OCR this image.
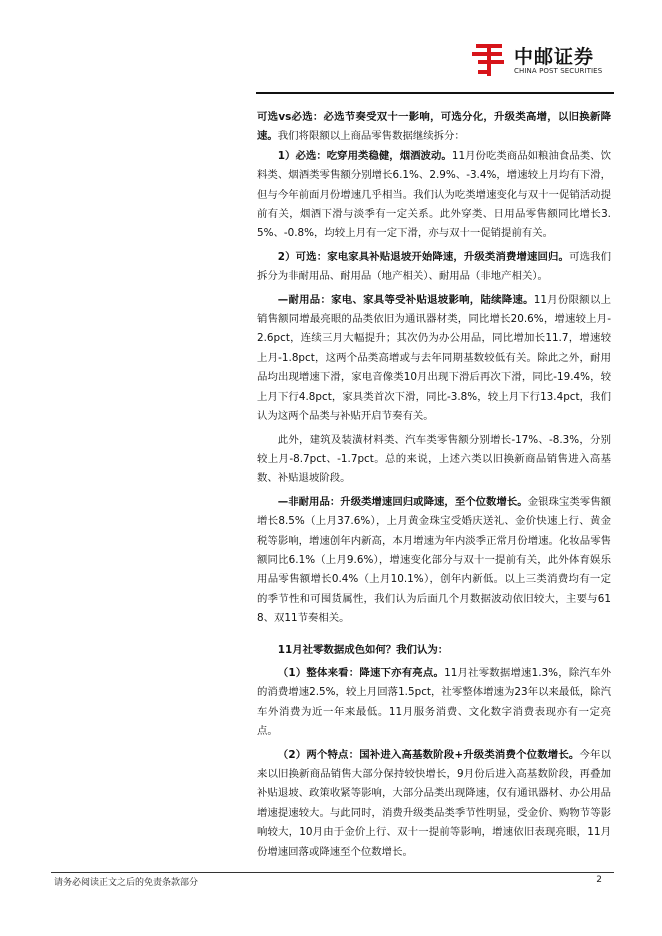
中邮证券
CHINA POST SECURITIES

可选vs必选：必选节奏受双十一影响，可选分化，升级类高增，以旧换新降速。我们将限额以上商品零售数据继续拆分：

1）必选：吃穿用类稳健，烟酒波动。11月份吃类商品如粮油食品类、饮料类、烟酒类零售额分别增长6.1%、2.9%、-3.4%，增速较上月均有下滑，但与今年前面月份增速几乎相当。我们认为吃类增速变化与双十一促销活动提前有关，烟酒下滑与淡季有一定关系。此外穿类、日用品零售额同比增长3.5%、-0.8%，均较上月有一定下滑，亦与双十一促销提前有关。

2）可选：家电家具补贴退坡开始降速，升级类消费增速回归。可选我们拆分为非耐用品、耐用品（地产相关）、耐用品（非地产相关）。

—耐用品：家电、家具等受补贴退坡影响，陆续降速。11月份限额以上销售额同增最亮眼的品类依旧为通讯器材类，同比增长20.6%，增速较上月-2.6pct，连续三月大幅提升；其次仍为办公用品，同比增加长11.7，增速较上月-1.8pct，这两个品类高增或与去年同期基数较低有关。除此之外，耐用品均出现增速下滑，家电音像类10月出现下滑后再次下滑，同比-19.4%，较上月下行4.8pct，家具类首次下滑，同比-3.8%，较上月下行13.4pct，我们认为这两个品类与补贴开启节奏有关。

此外，建筑及装潢材料类、汽车类零售额分别增长-17%、-8.3%，分别较上月-8.7pct、-1.7pct。总的来说，上述六类以旧换新商品销售进入高基数、补贴退坡阶段。

—非耐用品：升级类增速回归或降速，至个位数增长。金银珠宝类零售额增长8.5%（上月37.6%），上月黄金珠宝受婚庆送礼、金价快速上行、黄金税等影响，增速创年内新高，本月增速为年内淡季正常月份增速。化妆品零售额同比6.1%（上月9.6%），增速变化部分与双十一提前有关，此外体育娱乐用品零售额增长0.4%（上月10.1%），创年内新低。以上三类消费均有一定的季节性和可囤货属性，我们认为后面几个月数据波动依旧较大，主要与618、双11节奏相关。

11月社零数据成色如何？我们认为：

（1）整体来看：降速下亦有亮点。11月社零数据增速1.3%，除汽车外的消费增速2.5%，较上月回落1.5pct，社零整体增速为23年以来最低，除汽车外消费为近一年来最低。11月服务消费、文化数字消费表现亦有一定亮点。

（2）两个特点：国补进入高基数阶段+升级类消费个位数增长。今年以来以旧换新商品销售大部分保持较快增长，9月份后进入高基数阶段，再叠加补贴退坡、政策收紧等影响，大部分品类出现降速，仅有通讯器材、办公用品增速提速较大。与此同时，消费升级类品类季节性明显，受金价、购物节等影响较大，10月由于金价上行、双十一提前等影响，增速依旧表现亮眼，11月份增速回落或降速至个位数增长。

请务必阅读正文之后的免责条款部分	2
